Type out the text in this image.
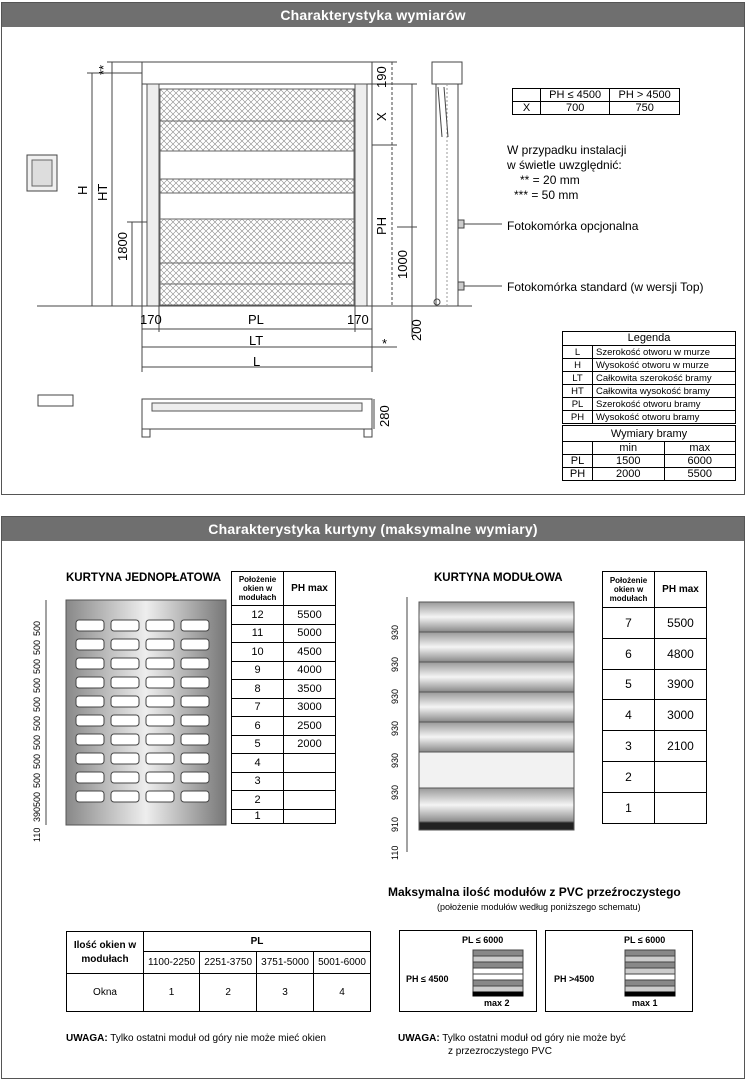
Charakterystyka wymiarów
H HT
1800
**	190
X
PH
1000
200
170	PL	170
LT	*
L
280
	PH ≤ 4500	PH > 4500
X	700	750
W przypadku instalacji
w świetle uwzględnić:
** = 20 mm
*** = 50 mm
Fotokomórka opcjonalna
Fotokomórka standard (w wersji Top)
Legenda	
L	Szerokość otworu w murze
H	Wysokość otworu w murze
LT	Całkowita szerokość bramy
HT	Całkowita wysokość bramy
PL	Szerokość otworu bramy
PH	Wysokość otworu bramy
Wymiary bramy		
	min	max
PL	1500	6000
PH	2000	5500
Charakterystyka kurtyny (maksymalne wymiary)
KURTYNA JEDNOPŁATOWA
500
500
500
500
500
500
500
500
500
500
390
110
Położenie okien w modułach	PH max
12	5500
11	5000
10	4500
9	4000
8	3500
7	3000
6	2500
5	2000
4	
3	
2	
1	
KURTYNA MODUŁOWA
930
930
930
930
930
930
910
110
Położenie okien w modułach	PH max
7	5500
6	4800
5	3900
4	3000
3	2100
2	
1	
Maksymalna ilość modułów z PVC przeźroczystego
(położenie modułów według poniższego schematu)
PL ≤ 6000
PH ≤ 4500
max 2
PL ≤ 6000
PH >4500
max 1
Ilość okien w modułach	PL			
	1100-2250	2251-3750	3751-5000	5001-6000
Okna	1	2	3	4
UWAGA: Tylko ostatni moduł od góry nie może mieć okien	UWAGA: Tylko ostatni moduł od góry nie może być
z przezroczystego PVC
